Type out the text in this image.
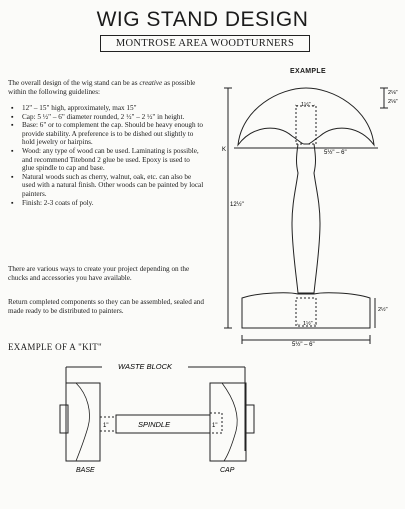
WIG STAND DESIGN
MONTROSE AREA WOODTURNERS
The overall design of the wig stand can be as creative as possible within the following guidelines:
▪ 12" – 15" high, approximately, max 15"
▪ Cap: 5 ½" – 6" diameter rounded, 2 ½" – 2 ½" in height.
▪ Base: 6" or to complement the cap. Should be heavy enough to provide stability. A preference is to be dished out slightly to hold jewelry or hairpins.
▪ Wood: any type of wood can be used. Laminating is possible, and recommend Titebond 2 glue be used. Epoxy is used to glue spindle to cap and base.
▪ Natural woods such as cherry, walnut, oak, etc. can also be used with a natural finish. Other woods can be painted by local painters.
▪ Finish: 2-3 coats of poly.
There are various ways to create your project depending on the chucks and accessories you have available.
Return completed components so they can be assembled, sealed and made ready to be distributed to painters.
EXAMPLE
EXAMPLE OF A "KIT"
← 1½"→
2⅛"
2⅛"
5½" – 6"
K
12½"
2½"
← 1½"→
5½" – 6"
WASTE BLOCK
SPINDLE
1"	1"
BASE	CAP
